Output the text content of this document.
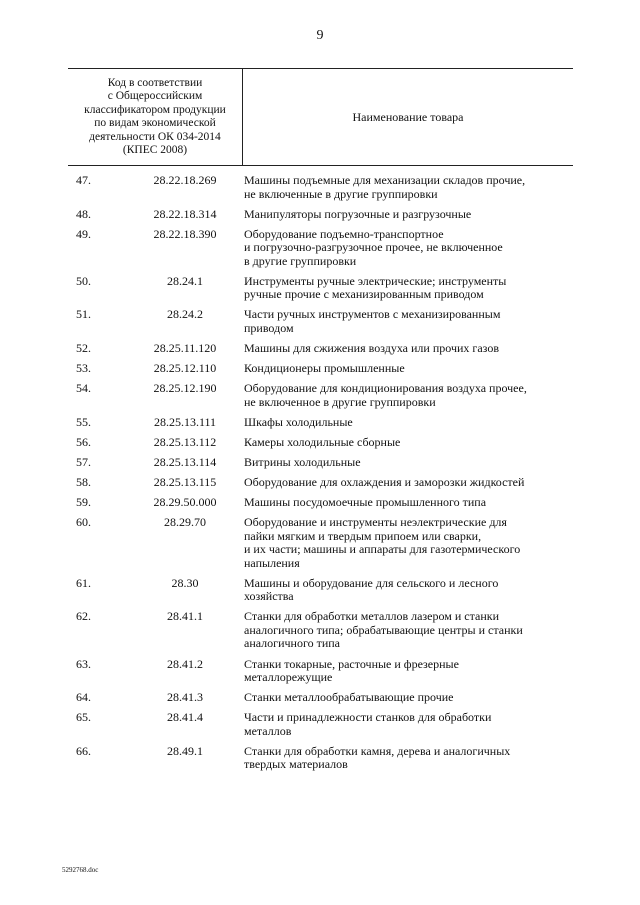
9
Код в соответствии
с Общероссийским
классификатором продукции
по видам экономической
деятельности ОК 034-2014
(КПЕС 2008)
Наименование товара
47.	28.22.18.269	Машины подъемные для механизации складов прочие,
не включенные в другие группировки
48.	28.22.18.314	Манипуляторы погрузочные и разгрузочные
49.	28.22.18.390	Оборудование подъемно-транспортное
и погрузочно-разгрузочное прочее, не включенное
в другие группировки
50.	28.24.1	Инструменты ручные электрические; инструменты
ручные прочие с механизированным приводом
51.	28.24.2	Части ручных инструментов с механизированным
приводом
52.	28.25.11.120	Машины для сжижения воздуха или прочих газов
53.	28.25.12.110	Кондиционеры промышленные
54.	28.25.12.190	Оборудование для кондиционирования воздуха прочее,
не включенное в другие группировки
55.	28.25.13.111	Шкафы холодильные
56.	28.25.13.112	Камеры холодильные сборные
57.	28.25.13.114	Витрины холодильные
58.	28.25.13.115	Оборудование для охлаждения и заморозки жидкостей
59.	28.29.50.000	Машины посудомоечные промышленного типа
60.	28.29.70	Оборудование и инструменты неэлектрические для
пайки мягким и твердым припоем или сварки,
и их части; машины и аппараты для газотермического
напыления
61.	28.30	Машины и оборудование для сельского и лесного
хозяйства
62.	28.41.1	Станки для обработки металлов лазером и станки
аналогичного типа; обрабатывающие центры и станки
аналогичного типа
63.	28.41.2	Станки токарные, расточные и фрезерные
металлорежущие
64.	28.41.3	Станки металлообрабатывающие прочие
65.	28.41.4	Части и принадлежности станков для обработки
металлов
66.	28.49.1	Станки для обработки камня, дерева и аналогичных
твердых материалов
5292768.doc
